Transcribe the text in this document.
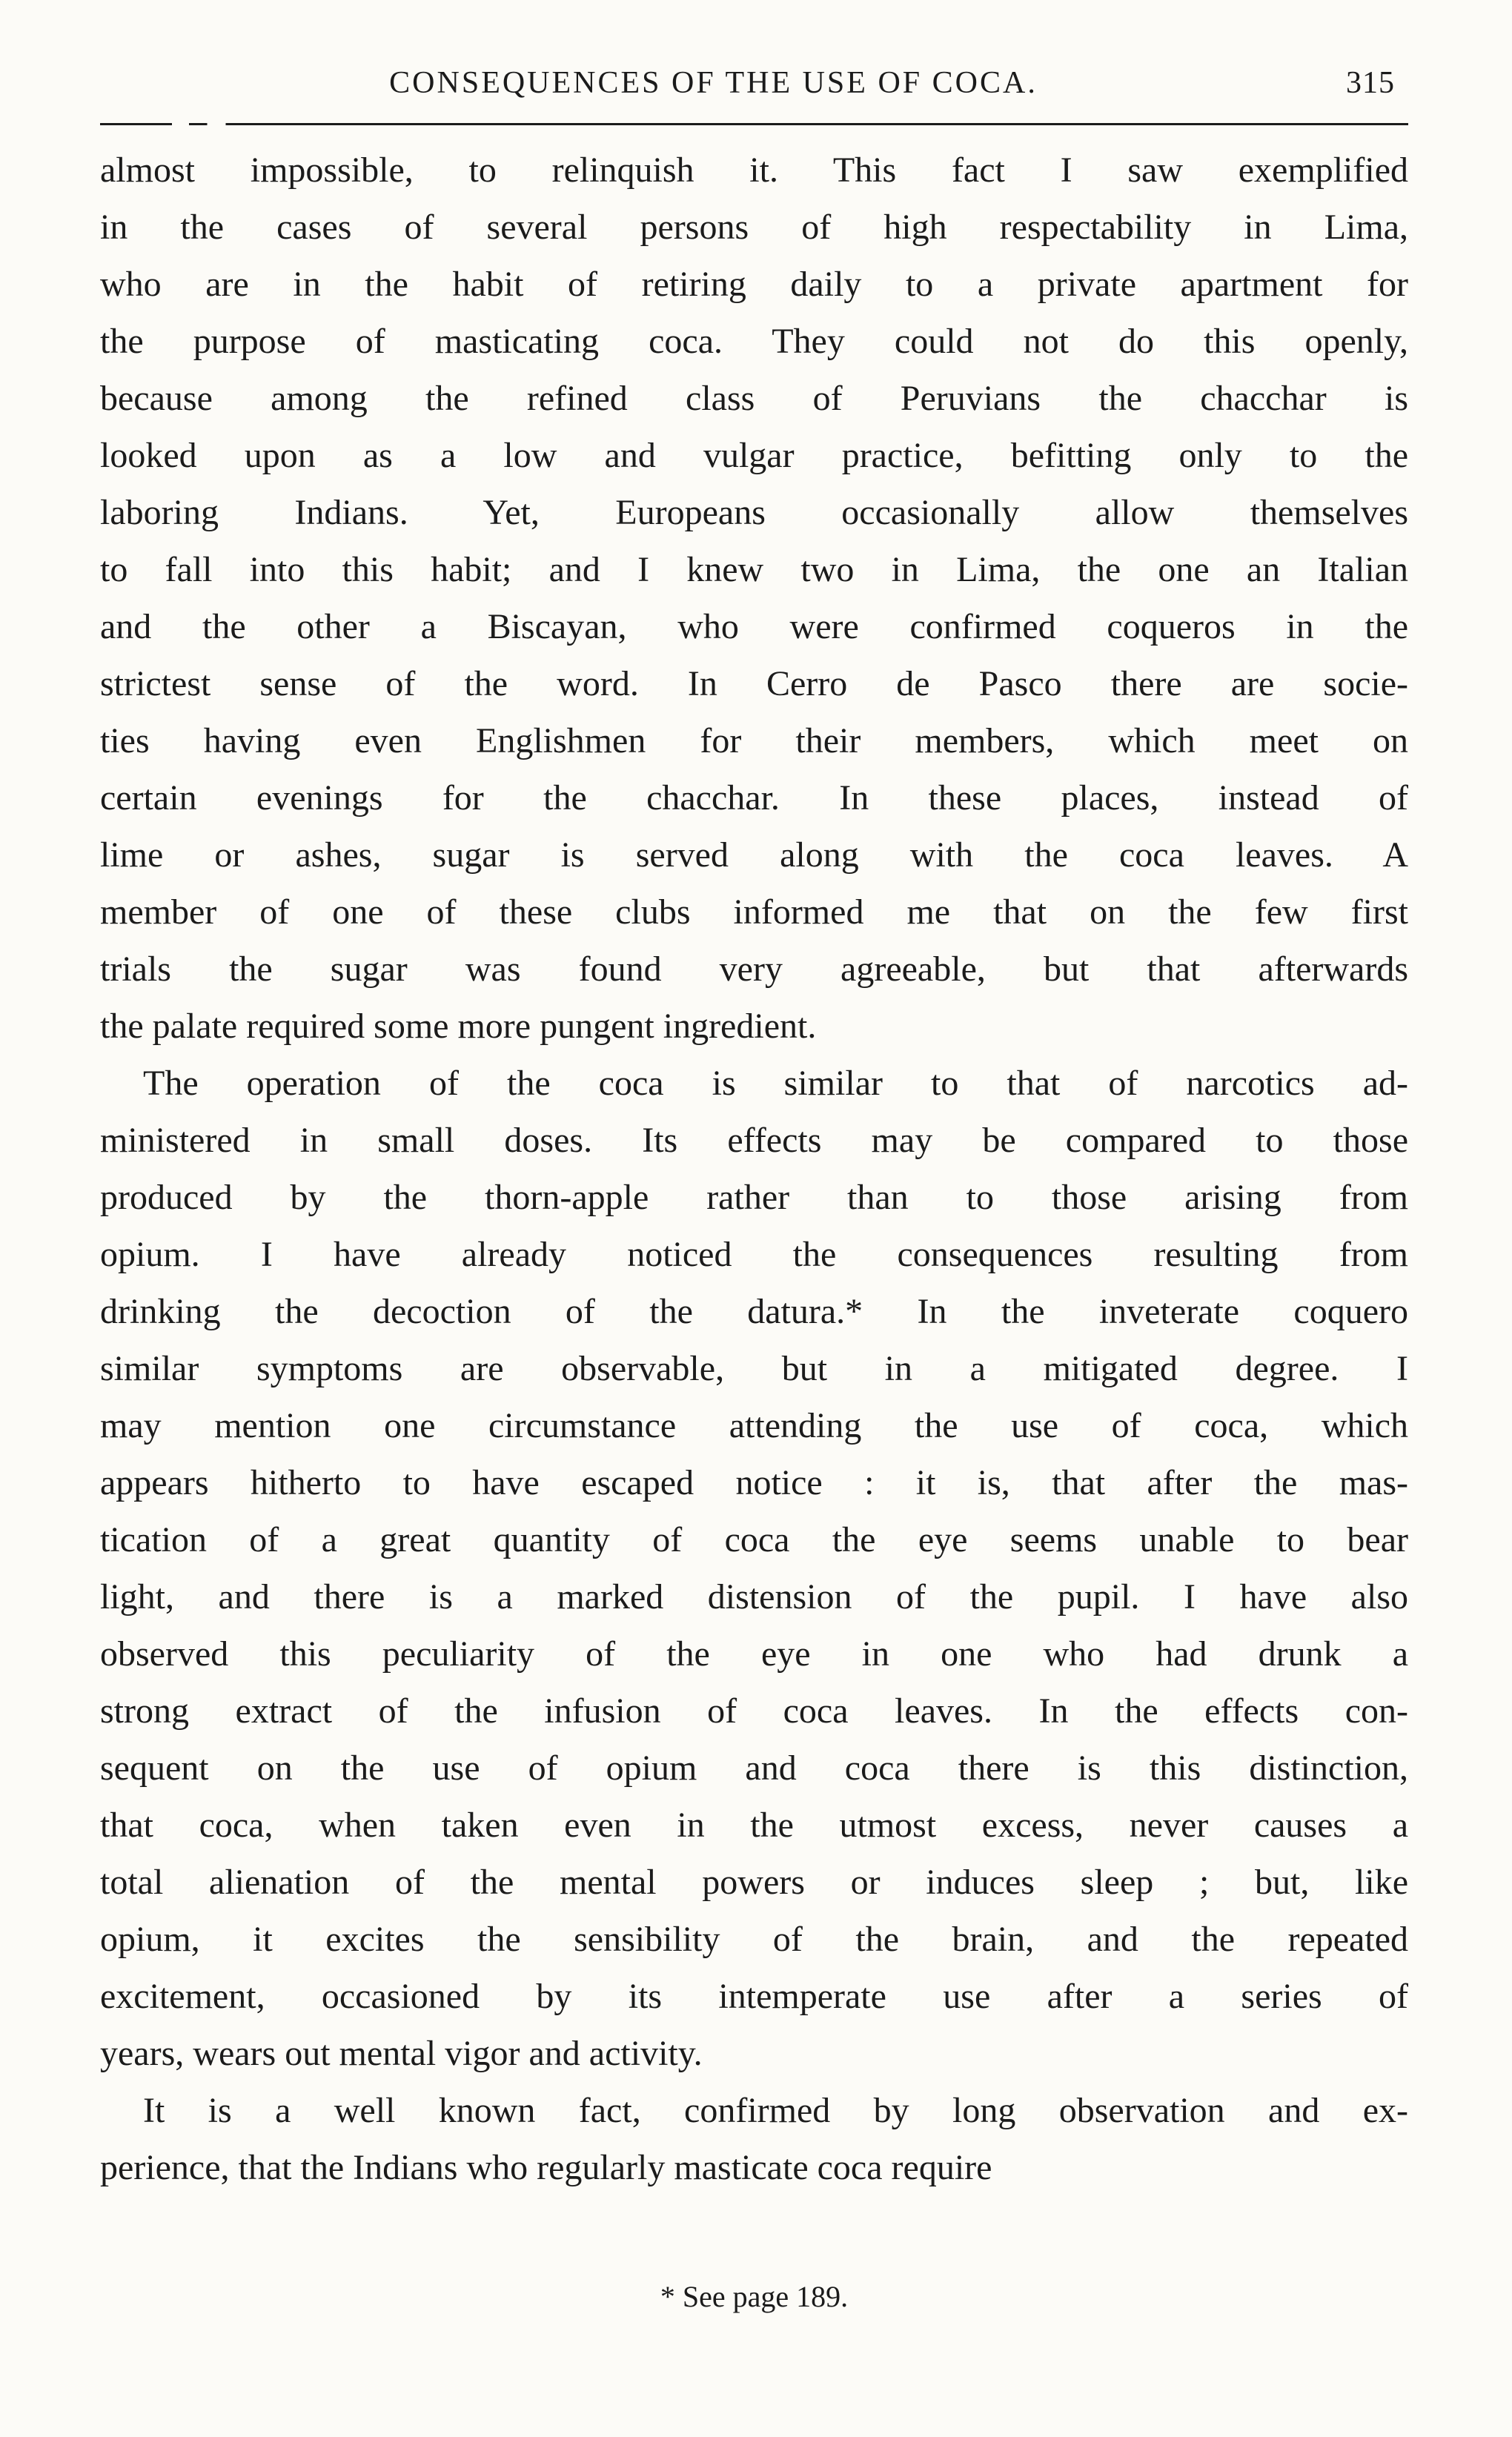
CONSEQUENCES OF THE USE OF COCA.	315
almost impossible, to relinquish it. This fact I saw exemplified
in the cases of several persons of high respectability in Lima,
who are in the habit of retiring daily to a private apartment for
the purpose of masticating coca. They could not do this openly,
because among the refined class of Peruvians the chacchar is
looked upon as a low and vulgar practice, befitting only to the
laboring Indians. Yet, Europeans occasionally allow themselves
to fall into this habit; and I knew two in Lima, the one an Italian
and the other a Biscayan, who were confirmed coqueros in the
strictest sense of the word. In Cerro de Pasco there are socie-
ties having even Englishmen for their members, which meet on
certain evenings for the chacchar. In these places, instead of
lime or ashes, sugar is served along with the coca leaves. A
member of one of these clubs informed me that on the few first
trials the sugar was found very agreeable, but that afterwards
the palate required some more pungent ingredient.
The operation of the coca is similar to that of narcotics ad-
ministered in small doses. Its effects may be compared to those
produced by the thorn-apple rather than to those arising from
opium. I have already noticed the consequences resulting from
drinking the decoction of the datura.* In the inveterate coquero
similar symptoms are observable, but in a mitigated degree. I
may mention one circumstance attending the use of coca, which
appears hitherto to have escaped notice : it is, that after the mas-
tication of a great quantity of coca the eye seems unable to bear
light, and there is a marked distension of the pupil. I have also
observed this peculiarity of the eye in one who had drunk a
strong extract of the infusion of coca leaves. In the effects con-
sequent on the use of opium and coca there is this distinction,
that coca, when taken even in the utmost excess, never causes a
total alienation of the mental powers or induces sleep ; but, like
opium, it excites the sensibility of the brain, and the repeated
excitement, occasioned by its intemperate use after a series of
years, wears out mental vigor and activity.
It is a well known fact, confirmed by long observation and ex-
perience, that the Indians who regularly masticate coca require
* See page 189.
